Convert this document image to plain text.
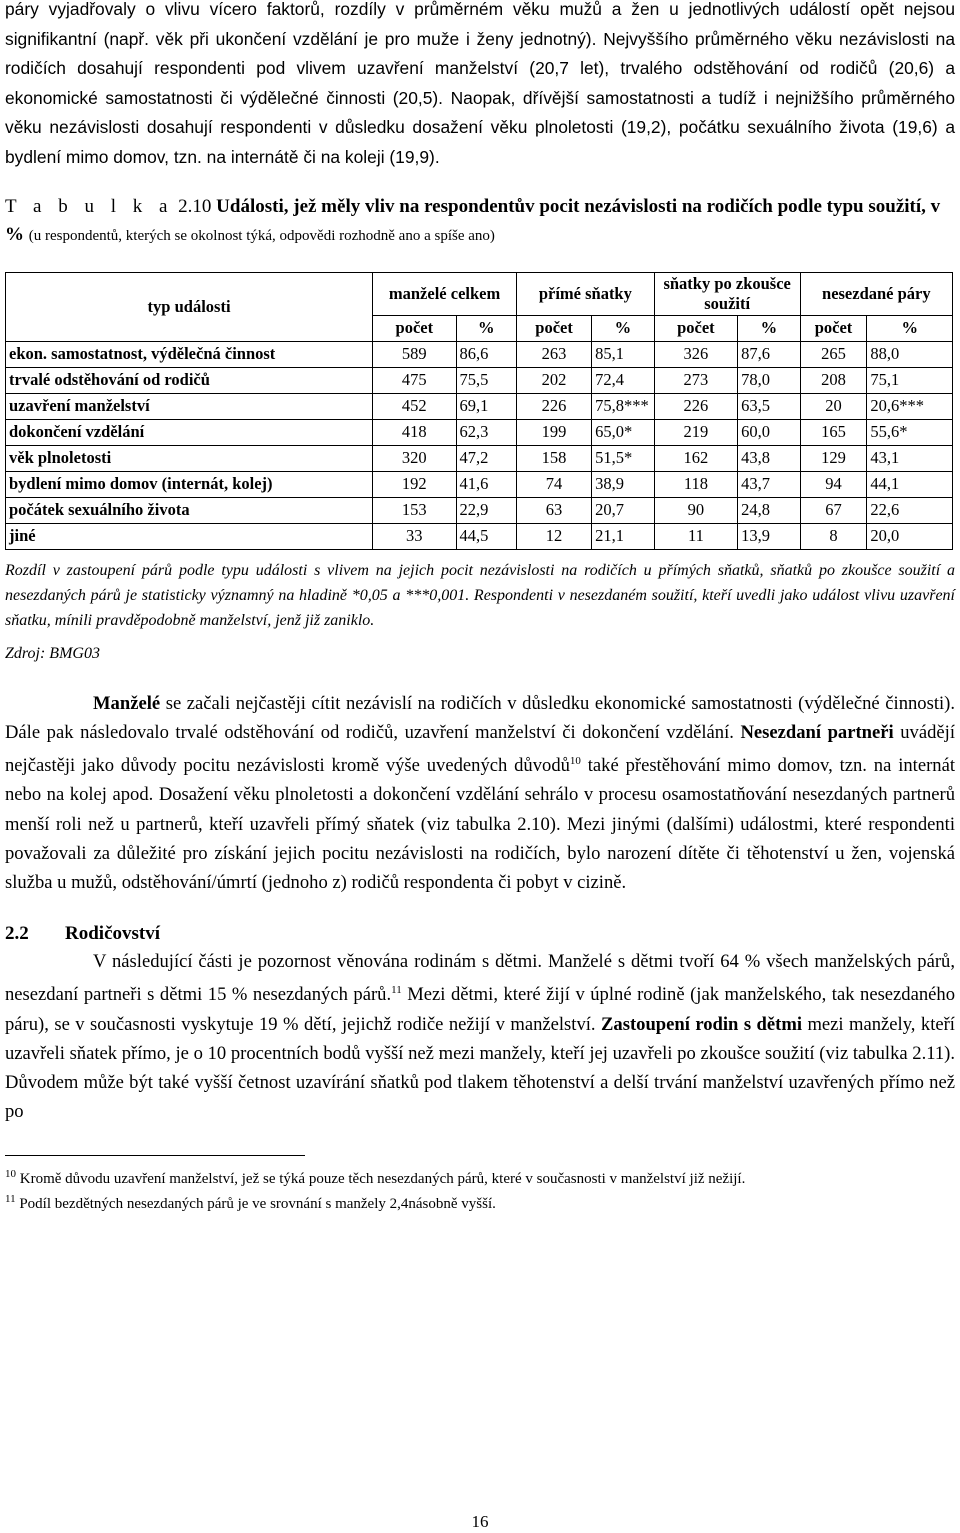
páry vyjadřovaly o vlivu vícero faktorů, rozdíly v průměrném věku mužů a žen u jednotlivých událostí opět nejsou signifikantní (např. věk při ukončení vzdělání je pro muže i ženy jednotný). Nejvyššího průměrného věku nezávislosti na rodičích dosahují respondenti pod vlivem uzavření manželství (20,7 let), trvalého odstěhování od rodičů (20,6) a ekonomické samostatnosti či výdělečné činnosti (20,5). Naopak, dřívější samostatnosti a tudíž i nejnižšího průměrného věku nezávislosti dosahují respondenti v důsledku dosažení věku plnoletosti (19,2), počátku sexuálního života (19,6) a bydlení mimo domov, tzn. na internátě či na koleji (19,9).

T a b u l k a 2.10 Události, jež měly vliv na respondentův pocit nezávislosti na rodičích podle typu soužití, v % (u respondentů, kterých se okolnost týká, odpovědi rozhodně ano a spíše ano)

typ události	manželé celkem		přímé sňatky		sňatky po zkoušce soužití		nesezdané páry	
	počet	%	počet	%	počet	%	počet	%
ekon. samostatnost, výdělečná činnost	589	86,6	263	85,1	326	87,6	265	88,0
trvalé odstěhování od rodičů	475	75,5	202	72,4	273	78,0	208	75,1
uzavření manželství	452	69,1	226	75,8***	226	63,5	20	20,6***
dokončení vzdělání	418	62,3	199	65,0*	219	60,0	165	55,6*
věk plnoletosti	320	47,2	158	51,5*	162	43,8	129	43,1
bydlení mimo domov (internát, kolej)	192	41,6	74	38,9	118	43,7	94	44,1
počátek sexuálního života	153	22,9	63	20,7	90	24,8	67	22,6
jiné	33	44,5	12	21,1	11	13,9	8	20,0

Rozdíl v zastoupení párů podle typu události s vlivem na jejich pocit nezávislosti na rodičích u přímých sňatků, sňatků po zkoušce soužití a nesezdaných párů je statisticky významný na hladině *0,05 a ***0,001. Respondenti v nesezdaném soužití, kteří uvedli jako událost vlivu uzavření sňatku, mínili pravděpodobně manželství, jenž již zaniklo.

Zdroj: BMG03

Manželé se začali nejčastěji cítit nezávislí na rodičích v důsledku ekonomické samostatnosti (výdělečné činnosti). Dále pak následovalo trvalé odstěhování od rodičů, uzavření manželství či dokončení vzdělání. Nesezdaní partneři uvádějí nejčastěji jako důvody pocitu nezávislosti kromě výše uvedených důvodů$^{10}$ také přestěhování mimo domov, tzn. na internát nebo na kolej apod. Dosažení věku plnoletosti a dokončení vzdělání sehrálo v procesu osamostatňování nesezdaných partnerů menší roli než u partnerů, kteří uzavřeli přímý sňatek (viz tabulka 2.10). Mezi jinými (dalšími) událostmi, které respondenti považovali za důležité pro získání jejich pocitu nezávislosti na rodičích, bylo narození dítěte či těhotenství u žen, vojenská služba u mužů, odstěhování/úmrtí (jednoho z) rodičů respondenta či pobyt v cizině.

2.2 Rodičovství

V následující části je pozornost věnována rodinám s dětmi. Manželé s dětmi tvoří 64 % všech manželských párů, nesezdaní partneři s dětmi 15 % nesezdaných párů.$^{11}$ Mezi dětmi, které žijí v úplné rodině (jak manželského, tak nesezdaného páru), se v současnosti vyskytuje 19 % dětí, jejichž rodiče nežijí v manželství. Zastoupení rodin s dětmi mezi manžely, kteří uzavřeli sňatek přímo, je o 10 procentních bodů vyšší než mezi manžely, kteří jej uzavřeli po zkoušce soužití (viz tabulka 2.11). Důvodem může být také vyšší četnost uzavírání sňatků pod tlakem těhotenství a delší trvání manželství uzavřených přímo než po

$^{10}$ Kromě důvodu uzavření manželství, jež se týká pouze těch nesezdaných párů, které v současnosti v manželství již nežijí.

$^{11}$ Podíl bezdětných nesezdaných párů je ve srovnání s manžely 2,4násobně vyšší.

16
